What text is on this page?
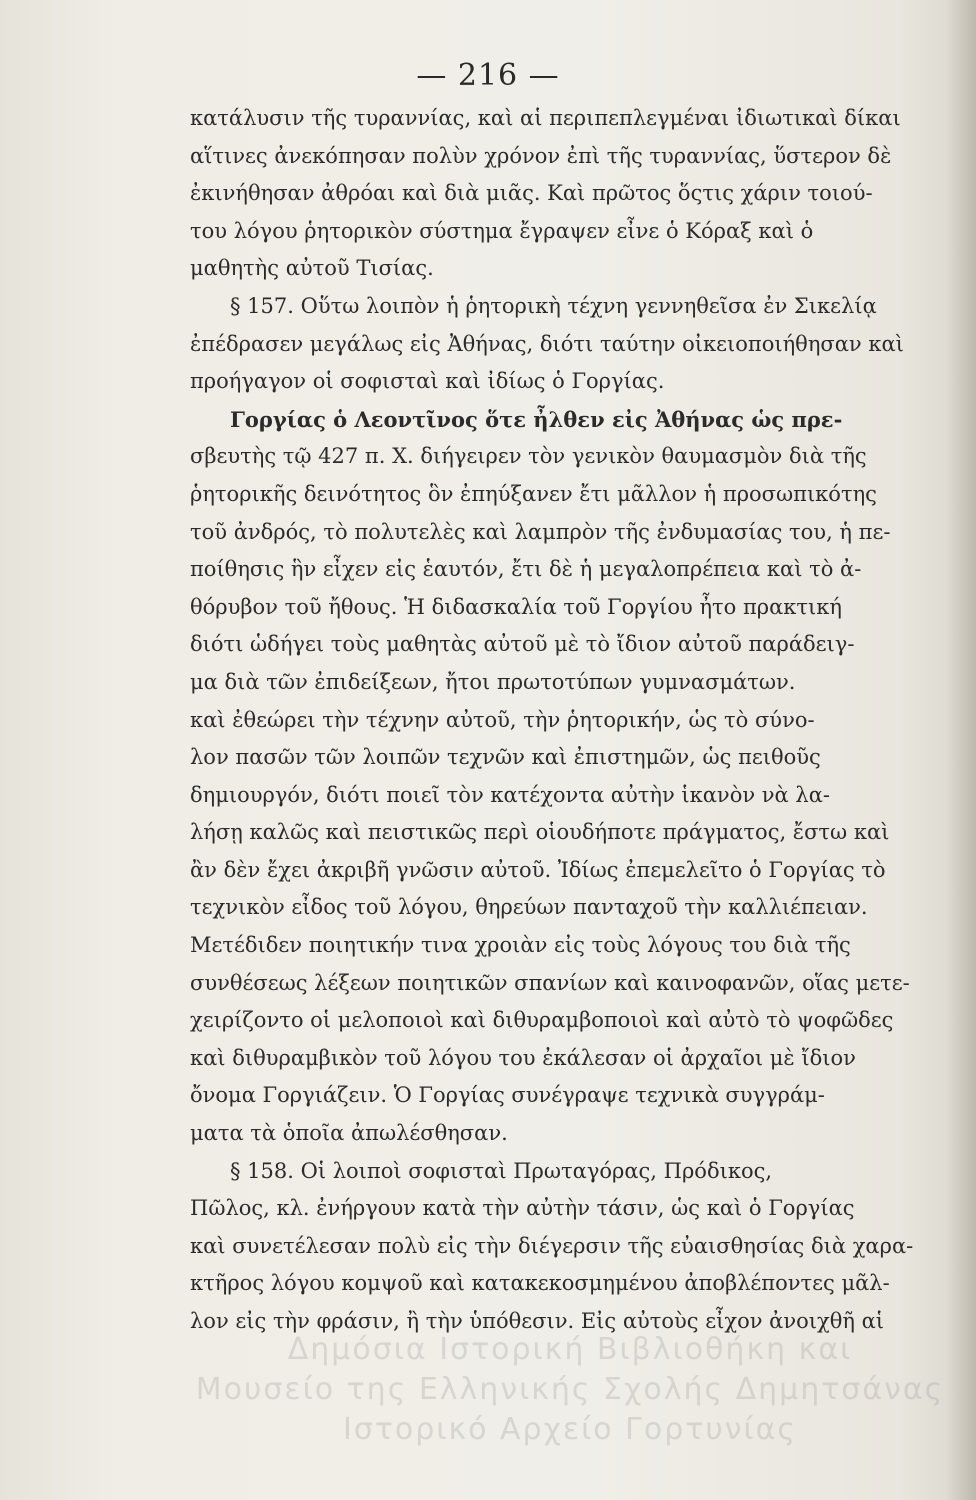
— 216 —
κατάλυσιν τῆς τυραννίας, καὶ αἱ περιπεπλεγμέναι ἰδιωτικαὶ δίκαι
αἵτινες ἀνεκόπησαν πολὺν χρόνον ἐπὶ τῆς τυραννίας, ὕστερον δὲ
ἐκινήθησαν ἀθρόαι καὶ διὰ μιᾶς. Καὶ πρῶτος ὅςτις χάριν τοιού-
του λόγου ῥητορικὸν σύστημα ἔγραψεν εἶνε ὁ Κόραξ καὶ ὁ
μαθητὴς αὐτοῦ Τισίας.
§ 157. Οὕτω λοιπὸν ἡ ῥητορικὴ τέχνη γεννηθεῖσα ἐν Σικελίᾳ
ἐπέδρασεν μεγάλως εἰς Ἀθήνας, διότι ταύτην οἰκειοποιήθησαν καὶ
προήγαγον οἱ σοφισταὶ καὶ ἰδίως ὁ Γοργίας.
Γοργίας ὁ Λεοντῖνος ὅτε ἦλθεν εἰς Ἀθήνας ὡς πρε-
σβευτὴς τῷ 427 π. Χ. διήγειρεν τὸν γενικὸν θαυμασμὸν διὰ τῆς
ῥητορικῆς δεινότητος ὃν ἐπηύξανεν ἔτι μᾶλλον ἡ προσωπικότης
τοῦ ἀνδρός, τὸ πολυτελὲς καὶ λαμπρὸν τῆς ἐνδυμασίας του, ἡ πε-
ποίθησις ἣν εἶχεν εἰς ἑαυτόν, ἔτι δὲ ἡ μεγαλοπρέπεια καὶ τὸ ἀ-
θόρυβον τοῦ ἤθους. Ἡ διδασκαλία τοῦ Γοργίου ἦτο πρακτική
διότι ὡδήγει τοὺς μαθητὰς αὐτοῦ μὲ τὸ ἴδιον αὐτοῦ παράδειγ-
μα διὰ τῶν ἐπιδείξεων, ἤτοι πρωτοτύπων γυμνασμάτων.
καὶ ἐθεώρει τὴν τέχνην αὐτοῦ, τὴν ῥητορικήν, ὡς τὸ σύνο-
λον πασῶν τῶν λοιπῶν τεχνῶν καὶ ἐπιστημῶν, ὡς πειθοῦς
δημιουργόν, διότι ποιεῖ τὸν κατέχοντα αὐτὴν ἱκανὸν νὰ λα-
λήσῃ καλῶς καὶ πειστικῶς περὶ οἱουδήποτε πράγματος, ἔστω καὶ
ἂν δὲν ἔχει ἀκριβῆ γνῶσιν αὐτοῦ. Ἰδίως ἐπεμελεῖτο ὁ Γοργίας τὸ
τεχνικὸν εἶδος τοῦ λόγου, θηρεύων πανταχοῦ τὴν καλλιέπειαν.
Μετέδιδεν ποιητικήν τινα χροιὰν εἰς τοὺς λόγους του διὰ τῆς
συνθέσεως λέξεων ποιητικῶν σπανίων καὶ καινοφανῶν, οἵας μετε-
χειρίζοντο οἱ μελοποιοὶ καὶ διθυραμβοποιοὶ καὶ αὐτὸ τὸ ψοφῶδες
καὶ διθυραμβικὸν τοῦ λόγου του ἐκάλεσαν οἱ ἀρχαῖοι μὲ ἴδιον
ὄνομα Γοργιάζειν. Ὁ Γοργίας συνέγραψε τεχνικὰ συγγράμ-
ματα τὰ ὁποῖα ἀπωλέσθησαν.
§ 158. Οἱ λοιποὶ σοφισταὶ Πρωταγόρας, Πρόδικος,
Πῶλος, κλ. ἐνήργουν κατὰ τὴν αὐτὴν τάσιν, ὡς καὶ ὁ Γοργίας
καὶ συνετέλεσαν πολὺ εἰς τὴν διέγερσιν τῆς εὐαισθησίας διὰ χαρα-
κτῆρος λόγου κομψοῦ καὶ κατακεκοσμημένου ἀποβλέποντες μᾶλ-
λον εἰς τὴν φράσιν, ἢ τὴν ὑπόθεσιν. Εἰς αὐτοὺς εἶχον ἀνοιχθῆ αἱ
Δημόσια Ιστορική Βιβλιοθήκη και
Μουσείο της Ελληνικής Σχολής Δημητσάνας
Ιστορικό Αρχείο Γορτυνίας
